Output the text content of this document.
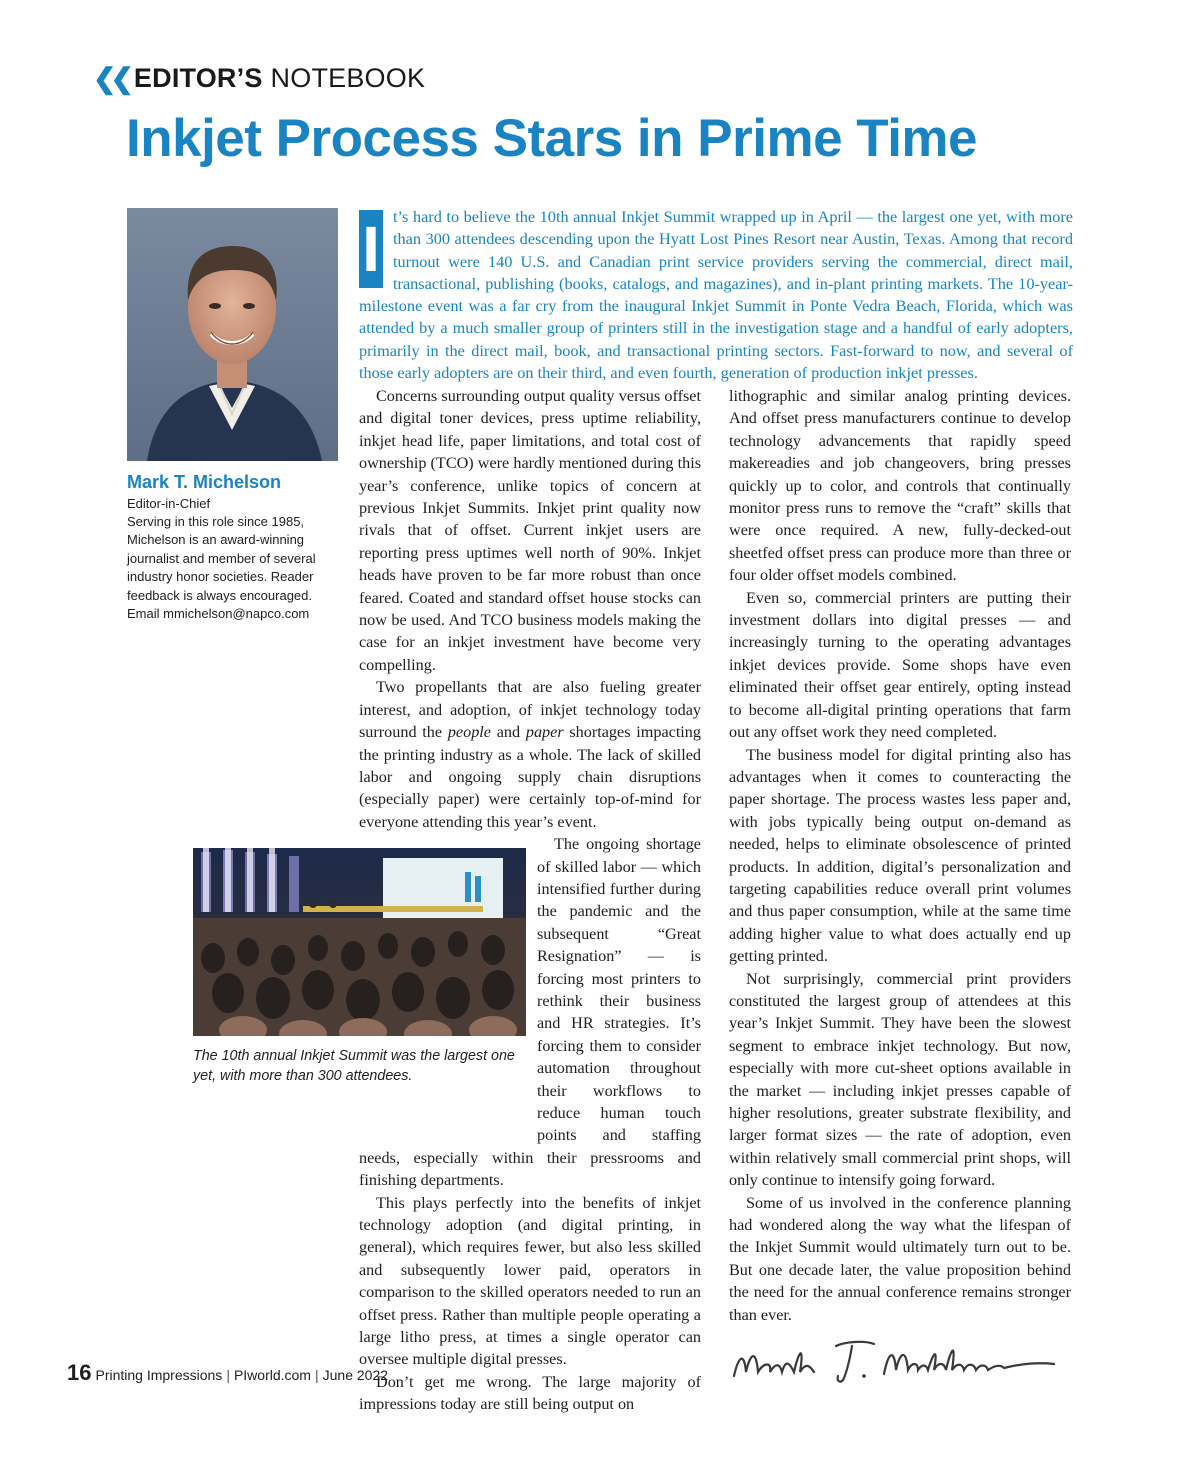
❮❮ EDITOR’S NOTEBOOK
Inkjet Process Stars in Prime Time
Mark T. Michelson
Editor-in-Chief
Serving in this role since 1985, Michelson is an award-winning journalist and member of several industry honor societies. Reader feedback is always encouraged. Email mmichelson@napco.com
I t’s hard to believe the 10th annual Inkjet Summit wrapped up in April — the largest one yet, with more than 300 attendees descending upon the Hyatt Lost Pines Resort near Austin, Texas. Among that record turnout were 140 U.S. and Canadian print service providers serving the commercial, direct mail, transactional, publishing (books, catalogs, and magazines), and in-plant printing markets. The 10-year-milestone event was a far cry from the inaugural Inkjet Summit in Ponte Vedra Beach, Florida, which was attended by a much smaller group of printers still in the investigation stage and a handful of early adopters, primarily in the direct mail, book, and transactional printing sectors. Fast-forward to now, and several of those early adopters are on their third, and even fourth, generation of production inkjet presses.

Concerns surrounding output quality versus offset and digital toner devices, press uptime reliability, inkjet head life, paper limitations, and total cost of ownership (TCO) were hardly mentioned during this year’s conference, unlike topics of concern at previous Inkjet Summits. Inkjet print quality now rivals that of offset. Current inkjet users are reporting press uptimes well north of 90%. Inkjet heads have proven to be far more robust than once feared. Coated and standard offset house stocks can now be used. And TCO business models making the case for an inkjet investment have become very compelling.

Two propellants that are also fueling greater interest, and adoption, of inkjet technology today surround the people and paper shortages impacting the printing industry as a whole. The lack of skilled labor and ongoing supply chain disruptions (especially paper) were certainly top-of-mind for everyone attending this year’s event.

The ongoing shortage of skilled labor — which intensified further during the pandemic and the subsequent “Great Resignation” — is forcing most printers to rethink their business and HR strategies. It’s forcing them to consider automation throughout their workflows to reduce human touch points and staffing needs, especially within their pressrooms and finishing departments.

This plays perfectly into the benefits of inkjet technology adoption (and digital printing, in general), which requires fewer, but also less skilled and subsequently lower paid, operators in comparison to the skilled operators needed to run an offset press. Rather than multiple people operating a large litho press, at times a single operator can oversee multiple digital presses.

Don’t get me wrong. The large majority of impressions today are still being output on

lithographic and similar analog printing devices. And offset press manufacturers continue to develop technology advancements that rapidly speed makereadies and job changeovers, bring presses quickly up to color, and controls that continually monitor press runs to remove the “craft” skills that were once required. A new, fully-decked-out sheetfed offset press can produce more than three or four older offset models combined.

Even so, commercial printers are putting their investment dollars into digital presses — and increasingly turning to the operating advantages inkjet devices provide. Some shops have even eliminated their offset gear entirely, opting instead to become all-digital printing operations that farm out any offset work they need completed.

The business model for digital printing also has advantages when it comes to counteracting the paper shortage. The process wastes less paper and, with jobs typically being output on-demand as needed, helps to eliminate obsolescence of printed products. In addition, digital’s personalization and targeting capabilities reduce overall print volumes and thus paper consumption, while at the same time adding higher value to what does actually end up getting printed.

Not surprisingly, commercial print providers constituted the largest group of attendees at this year’s Inkjet Summit. They have been the slowest segment to embrace inkjet technology. But now, especially with more cut-sheet options available in the market — including inkjet presses capable of higher resolutions, greater substrate flexibility, and larger format sizes — the rate of adoption, even within relatively small commercial print shops, will only continue to intensify going forward.

Some of us involved in the conference planning had wondered along the way what the lifespan of the Inkjet Summit would ultimately turn out to be. But one decade later, the value proposition behind the need for the annual conference remains stronger than ever.

The 10th annual Inkjet Summit was the largest one yet, with more than 300 attendees.
16 Printing Impressions | PIworld.com | June 2022
